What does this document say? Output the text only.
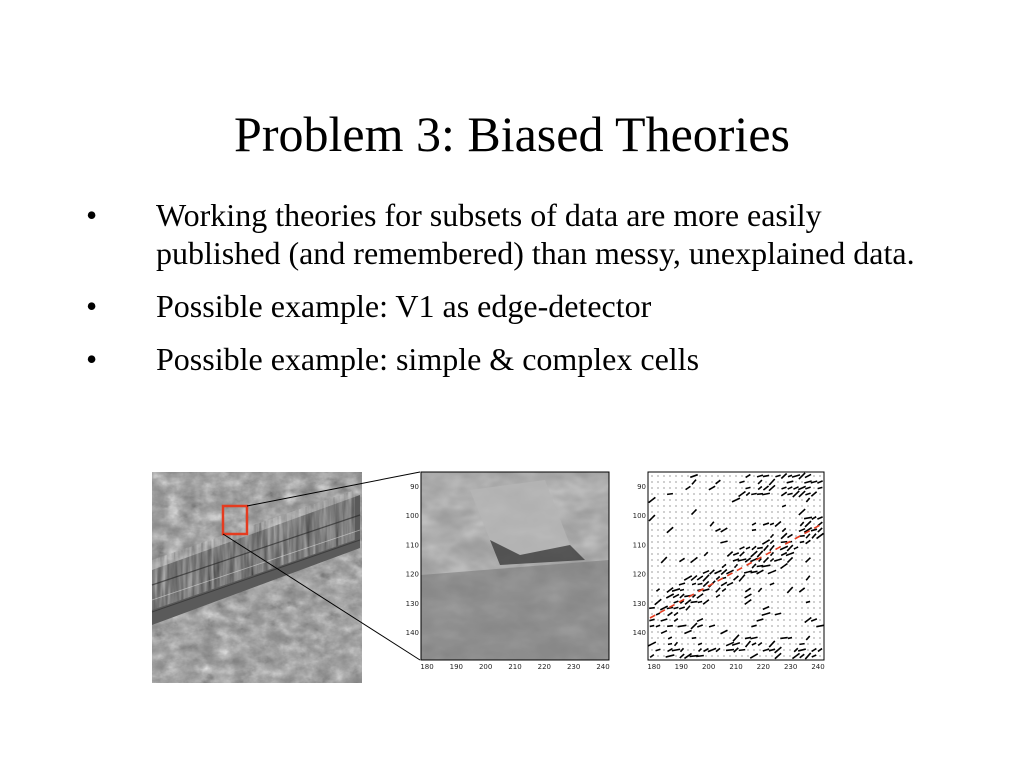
Problem 3: Biased Theories
•	Working theories for subsets of data are more easily published (and remembered) than messy, unexplained data.
•	Possible example: V1 as edge-detector
•	Possible example: simple & complex cells
180 190 200 210 220 230 240
90
100
110
120
130
140
180 190 200 210 220 230 240
90
100
110
120
130
140
